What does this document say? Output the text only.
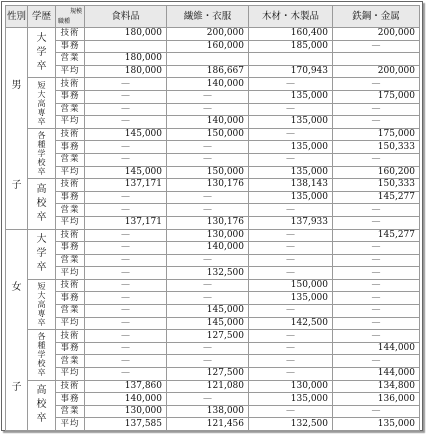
性別	学歴	規模
職種	食料品	繊維・衣服	木材・木製品	鉄鋼・金属

男
子	大学卒	技術	180,000	200,000	160,400	200,000
		事務		160,000	185,000	—
		営業	180,000			
		平均	180,000	186,667	170,943	200,000
	短大高専卒	技術	—	140,000	—	—
		事務	—	—	135,000	175,000
		営業	—	—	—	—
		平均	—	140,000	135,000	—
	各種学校卒	技術	145,000	150,000	—	175,000
		事務	—	—	135,000	150,333
		営業	—	—	—	—
		平均	145,000	150,000	135,000	160,200
	高校卒	技術	137,171	130,176	138,143	150,333
		事務	—	—	135,000	145,277
		営業	—	—	—	—
		平均	137,171	130,176	137,933	—

女
子	大学卒	技術	—	130,000	—	145,277
		事務	—	140,000	—	—
		営業	—	—	—	—
		平均	—	132,500	—	—
	短大高専卒	技術	—	—	150,000	—
		事務	—	—	135,000	—
		営業	—	145,000	—	—
		平均	—	145,000	142,500	—
	各種学校卒	技術	—	127,500	—	—
		事務	—	—	—	144,000
		営業	—	—	—	—
		平均	—	127,500	—	144,000
	高校卒	技術	137,860	121,080	130,000	134,800
		事務	140,000	—	135,000	136,000
		営業	130,000	138,000	—	—
		平均	137,585	121,456	132,500	135,000
